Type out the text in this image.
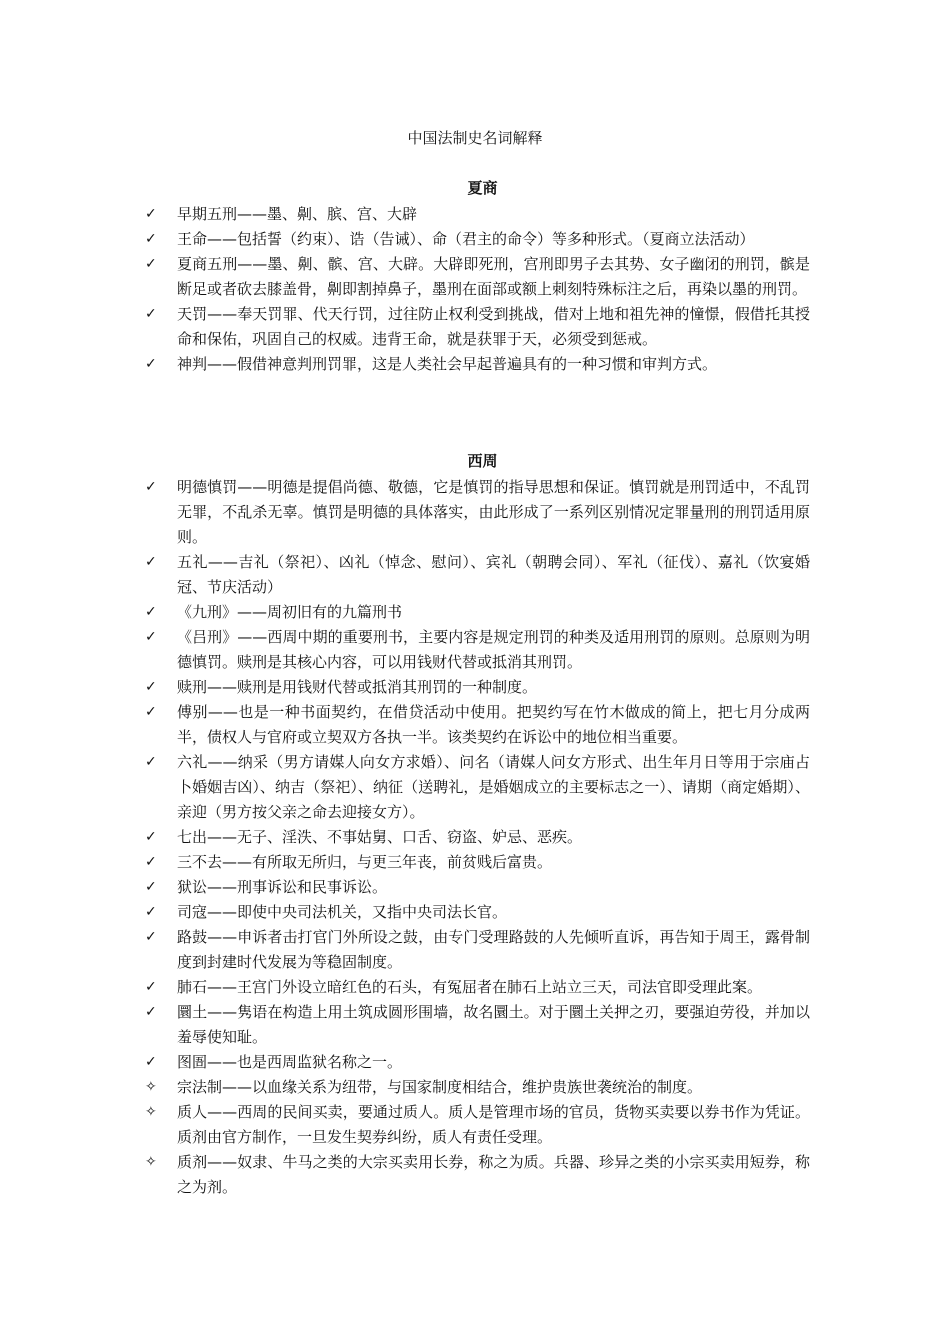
中国法制史名词解释
夏商
✓	早期五刑——墨、劓、膑、宫、大辟
✓	王命——包括誓（约束）、诰（告诫）、命（君主的命令）等多种形式。（夏商立法活动）
✓	夏商五刑——墨、劓、髌、宫、大辟。大辟即死刑，宫刑即男子去其势、女子幽闭的刑罚，髌是断足或者砍去膝盖骨，劓即割掉鼻子，墨刑在面部或额上刺刻特殊标注之后，再染以墨的刑罚。
✓	天罚——奉天罚罪、代天行罚，过往防止权利受到挑战，借对上地和祖先神的憧憬，假借托其授命和保佑，巩固自己的权威。违背王命，就是获罪于天，必须受到惩戒。
✓	神判——假借神意判刑罚罪，这是人类社会早起普遍具有的一种习惯和审判方式。
西周
✓	明德慎罚——明德是提倡尚德、敬德，它是慎罚的指导思想和保证。慎罚就是刑罚适中，不乱罚无罪，不乱杀无辜。慎罚是明德的具体落实，由此形成了一系列区别情况定罪量刑的刑罚适用原则。
✓	五礼——吉礼（祭祀）、凶礼（悼念、慰问）、宾礼（朝聘会同）、军礼（征伐）、嘉礼（饮宴婚冠、节庆活动）
✓	《九刑》——周初旧有的九篇刑书
✓	《吕刑》——西周中期的重要刑书，主要内容是规定刑罚的种类及适用刑罚的原则。总原则为明德慎罚。赎刑是其核心内容，可以用钱财代替或抵消其刑罚。
✓	赎刑——赎刑是用钱财代替或抵消其刑罚的一种制度。
✓	傅别——也是一种书面契约，在借贷活动中使用。把契约写在竹木做成的简上，把七月分成两半，债权人与官府或立契双方各执一半。该类契约在诉讼中的地位相当重要。
✓	六礼——纳采（男方请媒人向女方求婚）、问名（请媒人问女方形式、出生年月日等用于宗庙占卜婚姻吉凶）、纳吉（祭祀）、纳征（送聘礼，是婚姻成立的主要标志之一）、请期（商定婚期）、亲迎（男方按父亲之命去迎接女方）。
✓	七出——无子、淫泆、不事姑舅、口舌、窃盗、妒忌、恶疾。
✓	三不去——有所取无所归，与更三年丧，前贫贱后富贵。
✓	狱讼——刑事诉讼和民事诉讼。
✓	司寇——即使中央司法机关，又指中央司法长官。
✓	路鼓——申诉者击打官门外所设之鼓，由专门受理路鼓的人先倾听直诉，再告知于周王，露骨制度到封建时代发展为等稳固制度。
✓	肺石——王宫门外设立暗红色的石头，有冤屈者在肺石上站立三天，司法官即受理此案。
✓	圜土——隽语在构造上用土筑成圆形围墙，故名圜土。对于圜土关押之刃，要强迫劳役，并加以羞辱使知耻。
✓	图圄——也是西周监狱名称之一。
✧	宗法制——以血缘关系为纽带，与国家制度相结合，维护贵族世袭统治的制度。
✧	质人——西周的民间买卖，要通过质人。质人是管理市场的官员，货物买卖要以券书作为凭证。质剂由官方制作，一旦发生契券纠纷，质人有责任受理。
✧	质剂——奴隶、牛马之类的大宗买卖用长券，称之为质。兵器、珍异之类的小宗买卖用短券，称之为剂。
